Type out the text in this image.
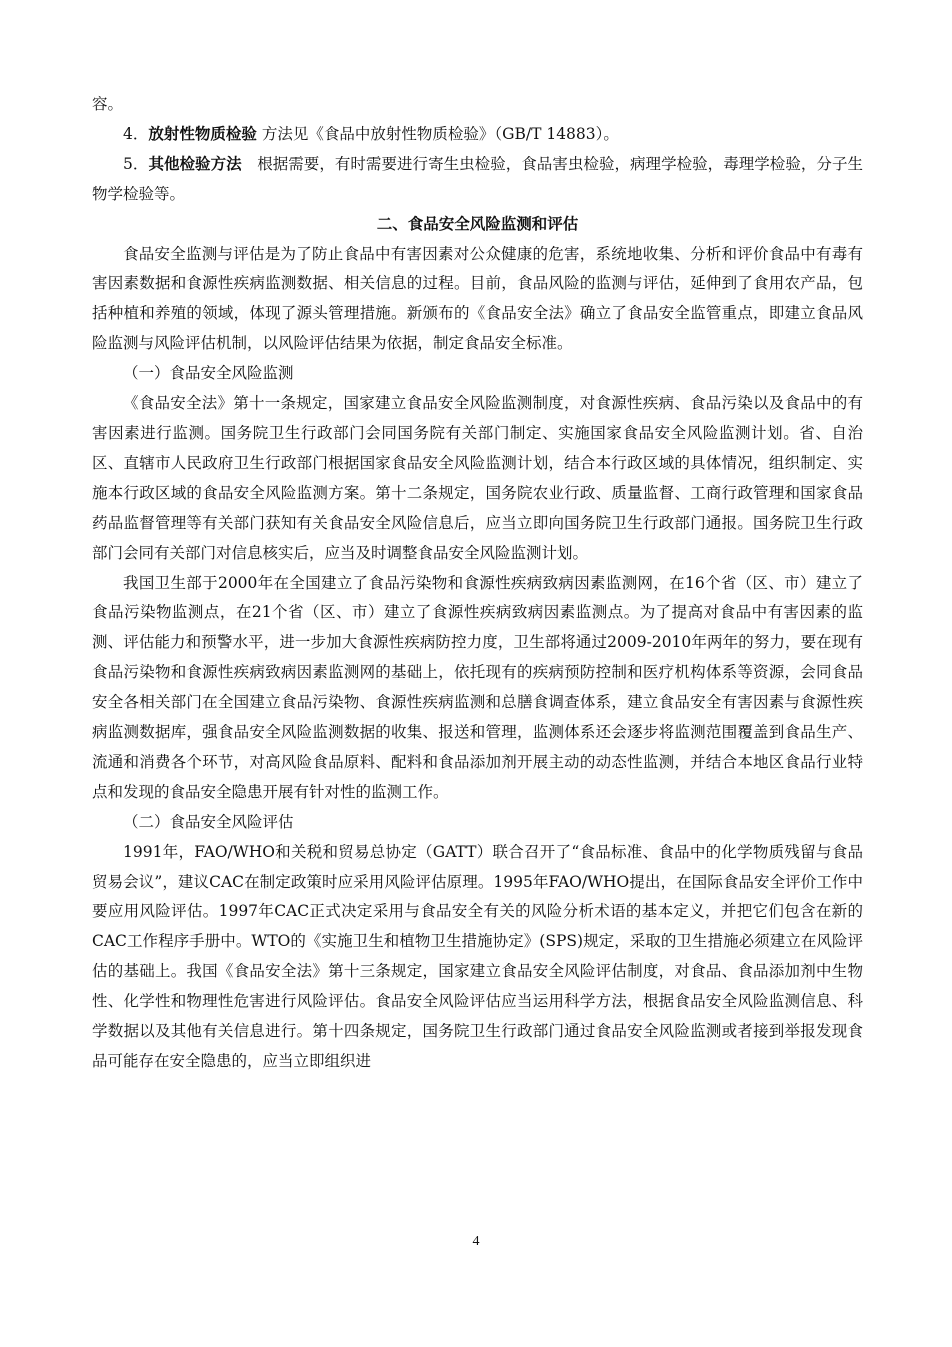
容。

4．放射性物质检验 方法见《食品中放射性物质检验》（GB/T 14883）。

5．其他检验方法　根据需要，有时需要进行寄生虫检验，食品害虫检验，病理学检验，毒理学检验，分子生物学检验等。

二、食品安全风险监测和评估

食品安全监测与评估是为了防止食品中有害因素对公众健康的危害，系统地收集、分析和评价食品中有毒有害因素数据和食源性疾病监测数据、相关信息的过程。目前，食品风险的监测与评估，延伸到了食用农产品，包括种植和养殖的领域，体现了源头管理措施。新颁布的《食品安全法》确立了食品安全监管重点，即建立食品风险监测与风险评估机制，以风险评估结果为依据，制定食品安全标准。

（一）食品安全风险监测

《食品安全法》第十一条规定，国家建立食品安全风险监测制度，对食源性疾病、食品污染以及食品中的有害因素进行监测。国务院卫生行政部门会同国务院有关部门制定、实施国家食品安全风险监测计划。省、自治区、直辖市人民政府卫生行政部门根据国家食品安全风险监测计划，结合本行政区域的具体情况，组织制定、实施本行政区域的食品安全风险监测方案。第十二条规定，国务院农业行政、质量监督、工商行政管理和国家食品药品监督管理等有关部门获知有关食品安全风险信息后，应当立即向国务院卫生行政部门通报。国务院卫生行政部门会同有关部门对信息核实后，应当及时调整食品安全风险监测计划。

我国卫生部于2000年在全国建立了食品污染物和食源性疾病致病因素监测网，在16个省（区、市）建立了食品污染物监测点，在21个省（区、市）建立了食源性疾病致病因素监测点。为了提高对食品中有害因素的监测、评估能力和预警水平，进一步加大食源性疾病防控力度，卫生部将通过2009-2010年两年的努力，要在现有食品污染物和食源性疾病致病因素监测网的基础上，依托现有的疾病预防控制和医疗机构体系等资源，会同食品安全各相关部门在全国建立食品污染物、食源性疾病监测和总膳食调查体系，建立食品安全有害因素与食源性疾病监测数据库，强食品安全风险监测数据的收集、报送和管理，监测体系还会逐步将监测范围覆盖到食品生产、流通和消费各个环节，对高风险食品原料、配料和食品添加剂开展主动的动态性监测，并结合本地区食品行业特点和发现的食品安全隐患开展有针对性的监测工作。

（二）食品安全风险评估

1991年，FAO/WHO和关税和贸易总协定（GATT）联合召开了“食品标准、食品中的化学物质残留与食品贸易会议”，建议CAC在制定政策时应采用风险评估原理。1995年FAO/WHO提出，在国际食品安全评价工作中要应用风险评估。1997年CAC正式决定采用与食品安全有关的风险分析术语的基本定义，并把它们包含在新的CAC工作程序手册中。WTO的《实施卫生和植物卫生措施协定》(SPS)规定，采取的卫生措施必须建立在风险评估的基础上。我国《食品安全法》第十三条规定，国家建立食品安全风险评估制度，对食品、食品添加剂中生物性、化学性和物理性危害进行风险评估。食品安全风险评估应当运用科学方法，根据食品安全风险监测信息、科学数据以及其他有关信息进行。第十四条规定，国务院卫生行政部门通过食品安全风险监测或者接到举报发现食品可能存在安全隐患的，应当立即组织进

4
